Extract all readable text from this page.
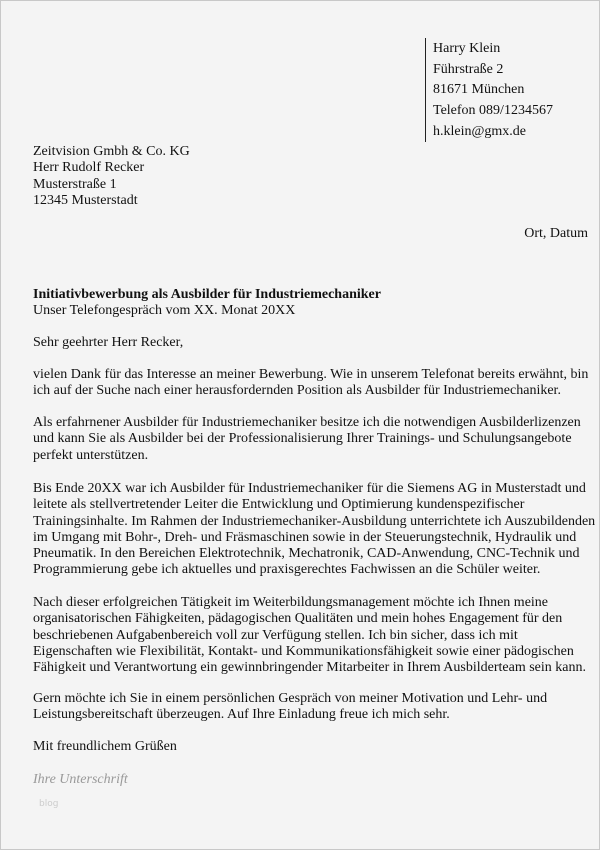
Harry Klein
Führstraße 2
81671 München
Telefon 089/1234567
h.klein@gmx.de
Zeitvision Gmbh & Co. KG
Herr Rudolf Recker
Musterstraße 1
12345 Musterstadt
Ort, Datum
Initiativbewerbung als Ausbilder für Industriemechaniker
Unser Telefongespräch vom XX. Monat 20XX
Sehr geehrter Herr Recker,
vielen Dank für das Interesse an meiner Bewerbung. Wie in unserem Telefonat bereits erwähnt, bin
ich auf der Suche nach einer herausfordernden Position als Ausbilder für Industriemechaniker.
Als erfahrnener Ausbilder für Industriemechaniker besitze ich die notwendigen Ausbilderlizenzen
und kann Sie als Ausbilder bei der Professionalisierung Ihrer Trainings- und Schulungsangebote
perfekt unterstützen.
Bis Ende 20XX war ich Ausbilder für Industriemechaniker für die Siemens AG in Musterstadt und
leitete als stellvertretender Leiter die Entwicklung und Optimierung kundenspezifischer
Trainingsinhalte. Im Rahmen der Industriemechaniker-Ausbildung unterrichtete ich Auszubildenden
im Umgang mit Bohr-, Dreh- und Fräsmaschinen sowie in der Steuerungstechnik, Hydraulik und
Pneumatik. In den Bereichen Elektrotechnik, Mechatronik, CAD-Anwendung, CNC-Technik und
Programmierung gebe ich aktuelles und praxisgerechtes Fachwissen an die Schüler weiter.
Nach dieser erfolgreichen Tätigkeit im Weiterbildungsmanagement möchte ich Ihnen meine
organisatorischen Fähigkeiten, pädagogischen Qualitäten und mein hohes Engagement für den
beschriebenen Aufgabenbereich voll zur Verfügung stellen. Ich bin sicher, dass ich mit
Eigenschaften wie Flexibilität, Kontakt- und Kommunikationsfähigkeit sowie einer pädogischen
Fähigkeit und Verantwortung ein gewinnbringender Mitarbeiter in Ihrem Ausbilderteam sein kann.
Gern möchte ich Sie in einem persönlichen Gespräch von meiner Motivation und Lehr- und
Leistungsbereitschaft überzeugen. Auf Ihre Einladung freue ich mich sehr.
Mit freundlichem Grüßen
Ihre Unterschrift
blog
